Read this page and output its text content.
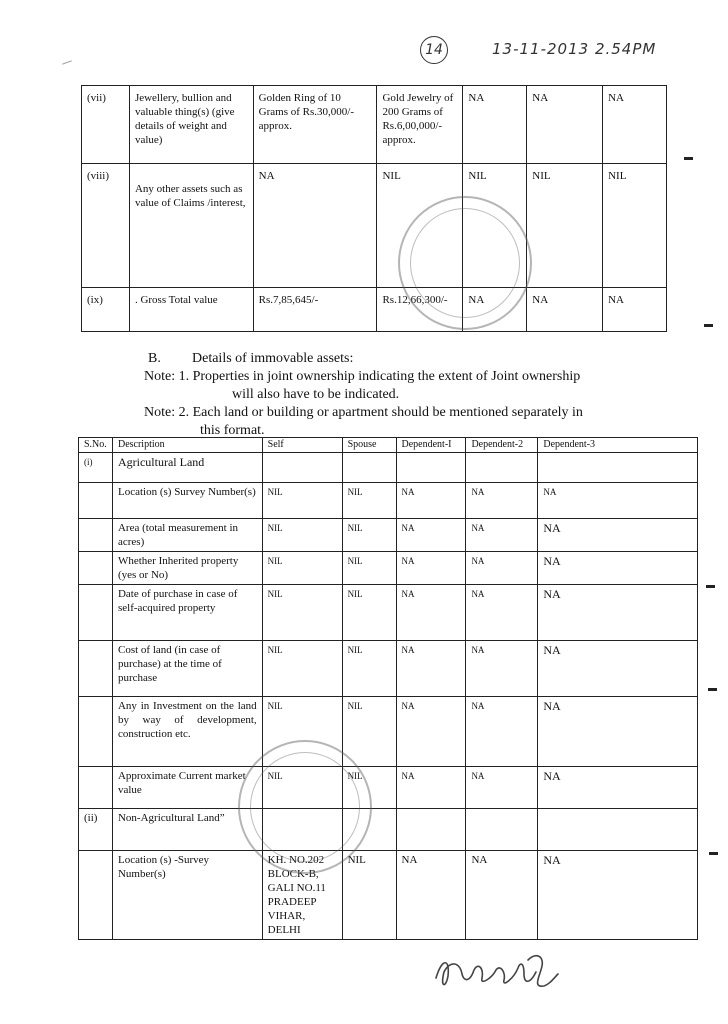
14	13-11-2013 2.54PM
(vii)	Jewellery, bullion and valuable thing(s) (give details of weight and value)	Golden Ring of 10 Grams of Rs.30,000/- approx.	Gold Jewelry of 200 Grams of Rs.6,00,000/- approx.	NA	NA	NA
(viii)	Any other assets such as value of Claims /interest,	NA	NIL	NIL	NIL	NIL
(ix)	. Gross Total value	Rs.7,85,645/-	Rs.12,66,300/-	NA	NA	NA
B. Details of immovable assets:
Note: 1. Properties in joint ownership indicating the extent of Joint ownership
will also have to be indicated.
Note: 2. Each land or building or apartment should be mentioned separately in
this format.
S.No.	Description	Self	Spouse	Dependent-I	Dependent-2	Dependent-3
(i)	Agricultural Land					
	Location (s) Survey Number(s)	NIL	NIL	NA	NA	NA
	Area (total measurement in acres)	NIL	NIL	NA	NA	NA
	Whether Inherited property (yes or No)	NIL	NIL	NA	NA	NA
	Date of purchase in case of self-acquired property	NIL	NIL	NA	NA	NA
	Cost of land (in case of purchase) at the time of purchase	NIL	NIL	NA	NA	NA
	Any in Investment on the land by way of development, construction etc.	NIL	NIL	NA	NA	NA
	Approximate Current market value	NIL	NIL	NA	NA	NA
(ii)	Non-Agricultural Land”					
	Location (s) -Survey Number(s)	KH. NO.202 BLOCK-B, GALI NO.11 PRADEEP VIHAR, DELHI	NIL	NA	NA	NA
